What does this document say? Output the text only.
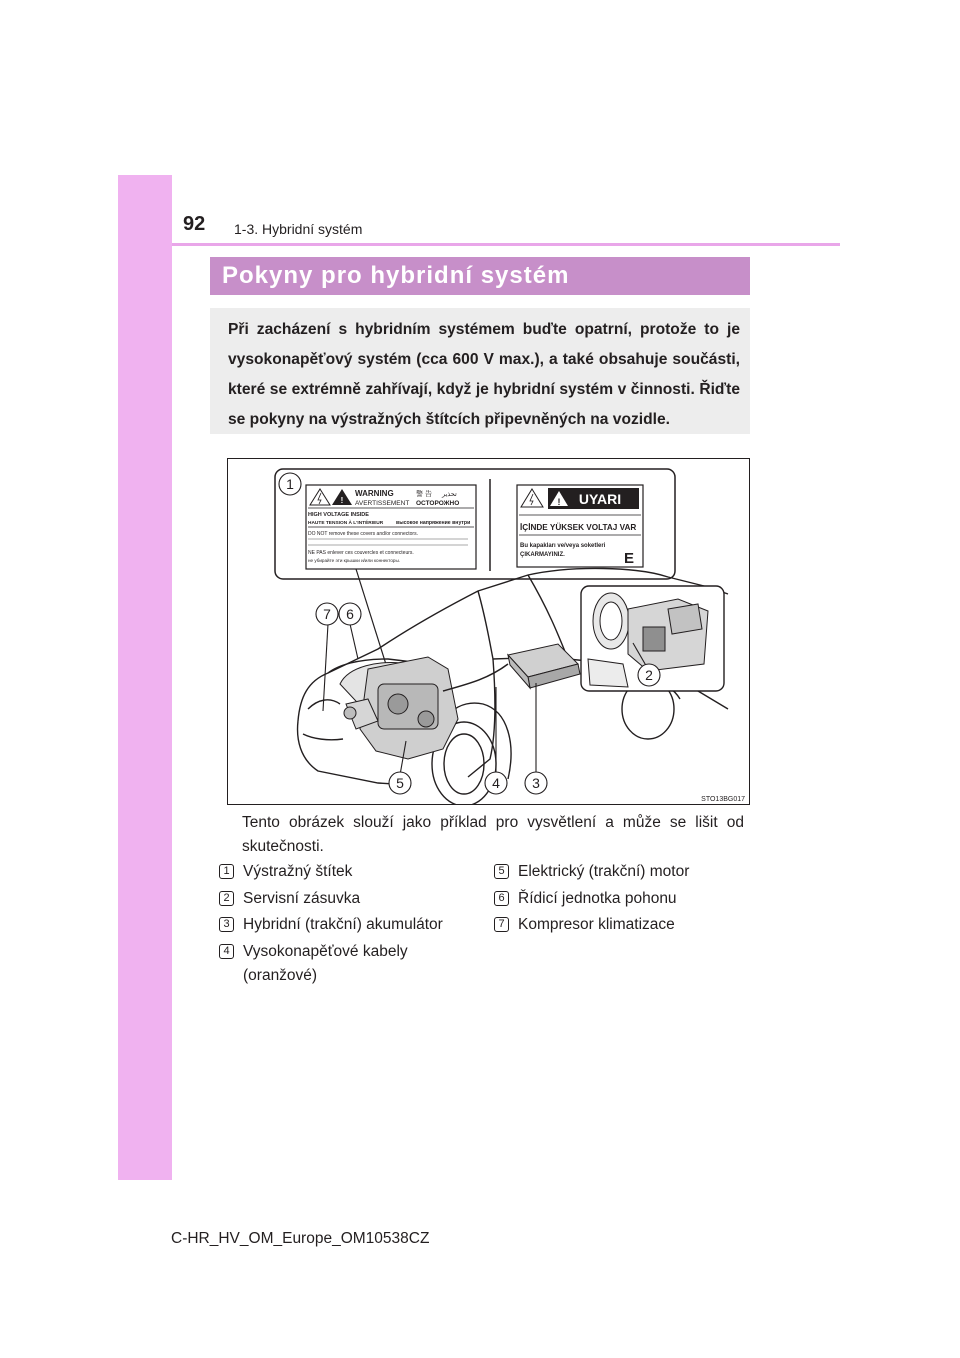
92 1-3. Hybridní systém
Pokyny pro hybridní systém

Při zacházení s hybridním systémem buďte opatrní, protože to je vysokonapěťový systém (cca 600 V max.), a také obsahuje součásti, které se extrémně zahřívají, když je hybridní systém v činnosti. Řiďte se pokyny na výstražných štítcích připevněných na vozidle.

!
WARNING
AVERTISSEMENT
警 告 تحذير
ОСТОРОЖНО
HIGH VOLTAGE INSIDE
HAUTE TENSION À L'INTÉRIEUR высокое напряжение внутри
DO NOT remove these covers and/or connectors.
NE PAS enlever ces couvercles et connecteurs.
не убирайте эти крышки и/или коннекторы.
! UYARI
İÇİNDE YÜKSEK VOLTAJ VAR
Bu kapakları ve/veya soketleri
ÇIKARMAYINIZ.	E
1
2
3
4
5
6
7
STO13BG017
Tento obrázek slouží jako příklad pro vysvětlení a může se lišit od skutečnosti.
1 Výstražný štítek
2 Servisní zásuvka
3 Hybridní (trakční) akumulátor
4 Vysokonapěťové kabely
(oranžové)
5 Elektrický (trakční) motor
6 Řídicí jednotka pohonu
7 Kompresor klimatizace
C-HR_HV_OM_Europe_OM10538CZ
